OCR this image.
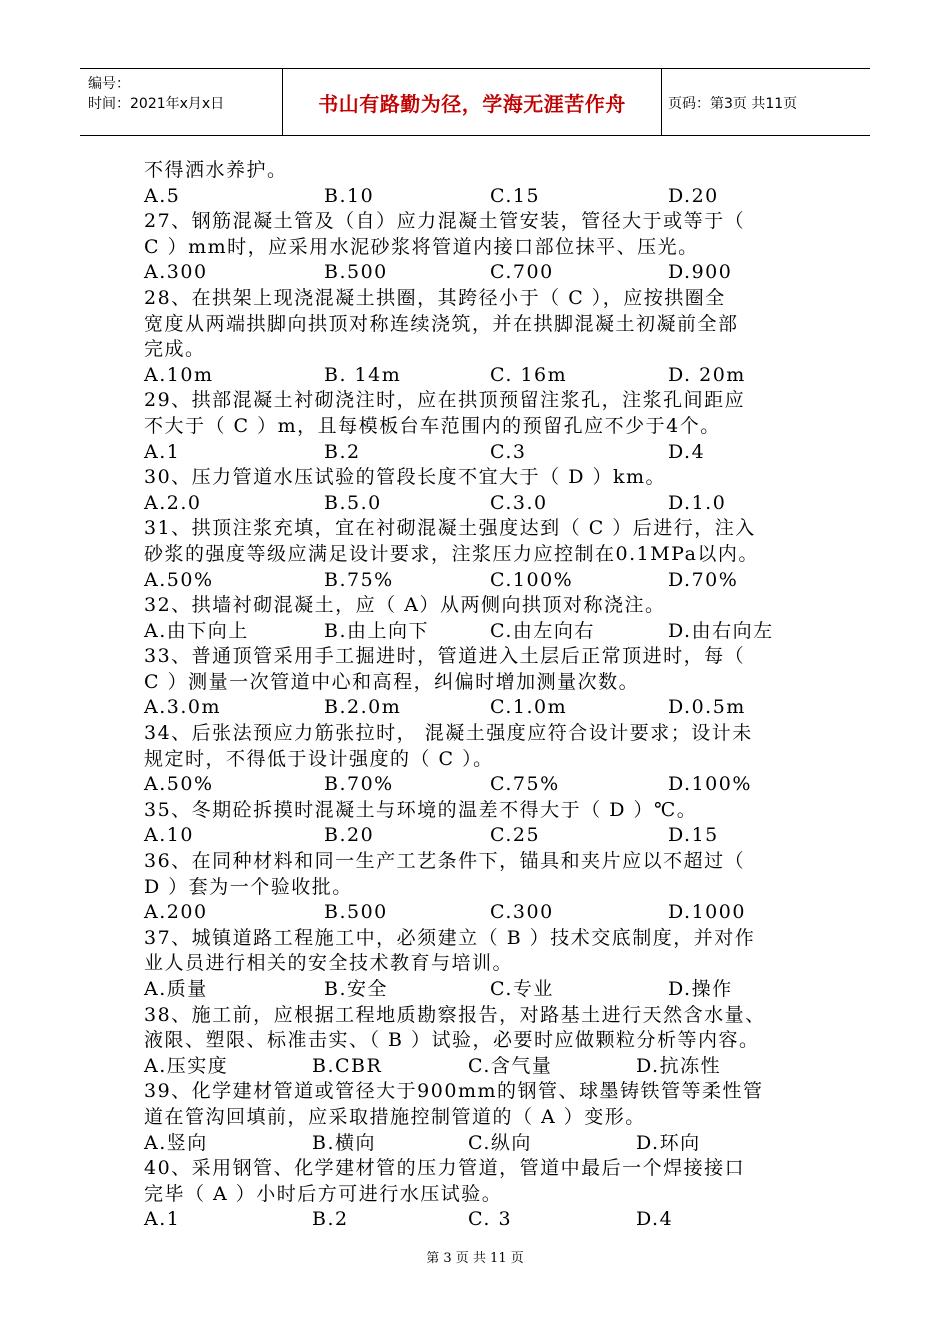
编号：
时间：2021年x月x日	书山有路勤为径，学海无涯苦作舟	页码：第3页 共11页
不得洒水养护。
A.5	B.10	C.15	D.20
27、钢筋混凝土管及（自）应力混凝土管安装，管径大于或等于（
C ）mm时，应采用水泥砂浆将管道内接口部位抹平、压光。
A.300	B.500	C.700	D.900
28、在拱架上现浇混凝土拱圈，其跨径小于（ C ），应按拱圈全
宽度从两端拱脚向拱顶对称连续浇筑，并在拱脚混凝土初凝前全部
完成。
A.10m	B. 14m	C. 16m	D. 20m
29、拱部混凝土衬砌浇注时，应在拱顶预留注浆孔，注浆孔间距应
不大于（ C ）m，且每模板台车范围内的预留孔应不少于4个。
A.1	B.2	C.3	D.4
30、压力管道水压试验的管段长度不宜大于（ D ）km。
A.2.0	B.5.0	C.3.0	D.1.0
31、拱顶注浆充填，宜在衬砌混凝土强度达到（ C ）后进行，注入
砂浆的强度等级应满足设计要求，注浆压力应控制在0.1MPa以内。
A.50%	B.75%	C.100%	D.70%
32、拱墙衬砌混凝土，应（ A）从两侧向拱顶对称浇注。
A.由下向上	B.由上向下	C.由左向右	D.由右向左
33、普通顶管采用手工掘进时，管道进入土层后正常顶进时，每（
C ）测量一次管道中心和高程，纠偏时增加测量次数。
A.3.0m	B.2.0m	C.1.0m	D.0.5m
34、后张法预应力筋张拉时， 混凝土强度应符合设计要求；设计未
规定时，不得低于设计强度的（ C ）。
A.50%	B.70%	C.75%	D.100%
35、冬期砼拆摸时混凝土与环境的温差不得大于（ D ）℃。
A.10	B.20	C.25	D.15
36、在同种材料和同一生产工艺条件下，锚具和夹片应以不超过（
D ）套为一个验收批。
A.200	B.500	C.300	D.1000
37、城镇道路工程施工中，必须建立（ B ）技术交底制度，并对作
业人员进行相关的安全技术教育与培训。
A.质量	B.安全	C.专业	D.操作
38、施工前，应根据工程地质勘察报告，对路基土进行天然含水量、
液限、塑限、标准击实、（ B ）试验，必要时应做颗粒分析等内容。
A.压实度	B.CBR	C.含气量	D.抗冻性
39、化学建材管道或管径大于900mm的钢管、球墨铸铁管等柔性管
道在管沟回填前，应采取措施控制管道的（ A ）变形。
A.竖向	B.横向	C.纵向	D.环向
40、采用钢管、化学建材管的压力管道，管道中最后一个焊接接口
完毕（ A ）小时后方可进行水压试验。
A.1	B.2	C. 3	D.4
第 3 页 共 11 页
